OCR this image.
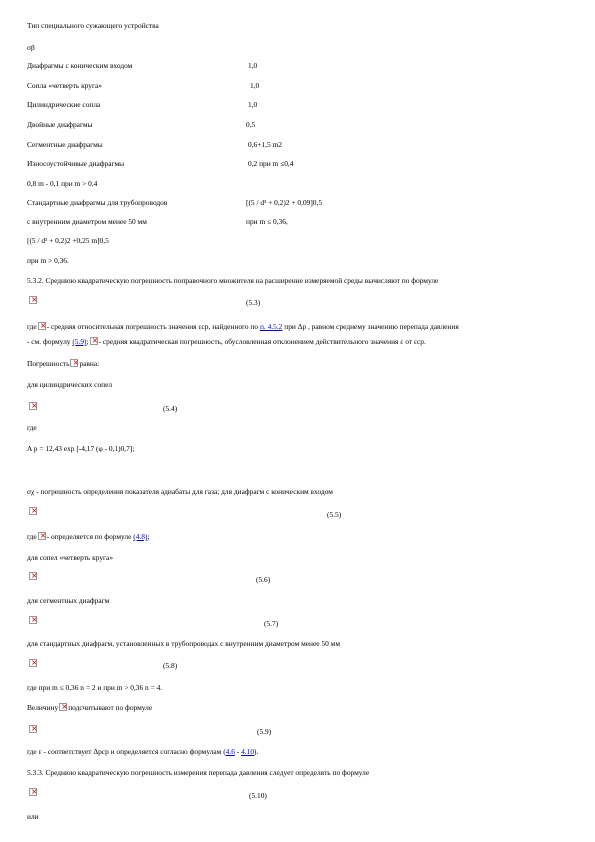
Тип специального сужающего устройства
σβ
Диафрагмы с коническим входом	1,0
Сопла «четверть круга»	1,0
Цилиндрические сопла	1,0
Двойные диафрагмы	0,5
Сегментные диафрагмы	0,6+1,5 m2
Износоустойчивые диафрагмы	0,2 при m ≤0,4
0,8 m - 0,1 при m > 0,4
Стандартные диафрагмы для трубопроводов	[(5 / d³ + 0,2)2 + 0,09]0,5
с внутренним диаметром менее 50 мм	при m ≤ 0,36,
[(5 / d³ + 0,2)2 +0,25 m]0,5
при m > 0,36.
5.3.2. Среднюю квадратическую погрешность поправочного множителя на расширение измеряемой среды вычисляют по формуле
×
(5.3)
где × - средняя относительная погрешность значения εср, найденного по п. 4.5.2 при Δр , равном среднему значению перепада давления
- см. формулу (5.9); × - средняя квадратическая погрешность, обусловленная отклонением действительного значения ε от εср.
Погрешность × равна:
для цилиндрических сопел
×
(5.4)
где
A р = 12,43 exp [-4,17 (φ - 0,1)0,7];
σχ - погрешность определения показателя адиабаты для газа; для диафрагм с коническим входом
×
(5.5)
где × - определяется по формуле (4.8);
для сопел «четверть круга»
×
(5.6)
для сегментных диафрагм
×
(5.7)
для стандартных диафрагм, установленных в трубопроводах с внутренним диаметром менее 50 мм
×
(5.8)
где при m ≤ 0,36 n = 2 и при m > 0,36 n = 4.
Величину × подсчитывают по формуле
×
(5.9)
где ε - соответствует Δрср и определяется согласно формулам (4.6 - 4.10).
5.3.3. Среднюю квадратическую погрешность измерения перепада давления следует определять по формуле
×
(5.10)
или
